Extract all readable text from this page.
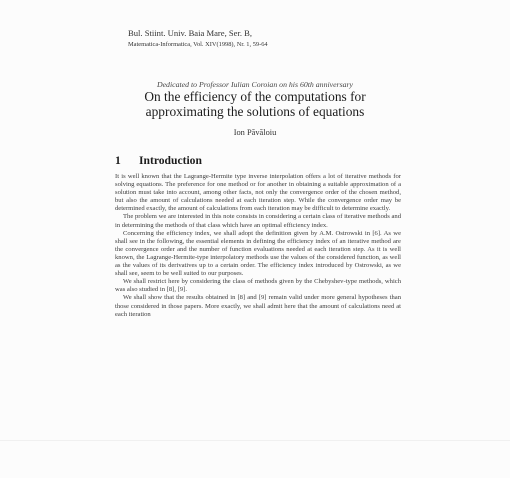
Bul. Stiint. Univ. Baia Mare, Ser. B,
Matematica-Informatica, Vol. XIV(1998), Nr. 1, 59-64
Dedicated to Professor Iulian Coroian on his 60th anniversary
On the efficiency of the computations for
approximating the solutions of equations
Ion Păvăloiu
1 Introduction

It is well known that the Lagrange-Hermite type inverse interpolation offers a lot of iterative methods for solving equations. The preference for one method or for another in obtaining a suitable approximation of a solution must take into account, among other facts, not only the convergence order of the chosen method, but also the amount of calculations needed at each iteration step. While the convergence order may be determined exactly, the amount of calculations from each iteration may be difficult to determine exactly.

The problem we are interested in this note consists in considering a certain class of iterative methods and in determining the methods of that class which have an optimal efficiency index.

Concerning the efficiency index, we shall adopt the definition given by A.M. Ostrowski in [6]. As we shall see in the following, the essential elements in defining the efficiency index of an iterative method are the convergence order and the number of function evaluations needed at each iteration step. As it is well known, the Lagrange-Hermite-type interpolatory methods use the values of the considered function, as well as the values of its derivatives up to a certain order. The efficiency index introduced by Ostrowski, as we shall see, seem to be well suited to our purposes.

We shall restrict here by considering the class of methods given by the Chebyshev-type methods, which was also studied in [8], [9].

We shall show that the results obtained in [8] and [9] remain valid under more general hypotheses than those considered in those papers. More exactly, we shall admit here that the amount of calculations need at each iteration
